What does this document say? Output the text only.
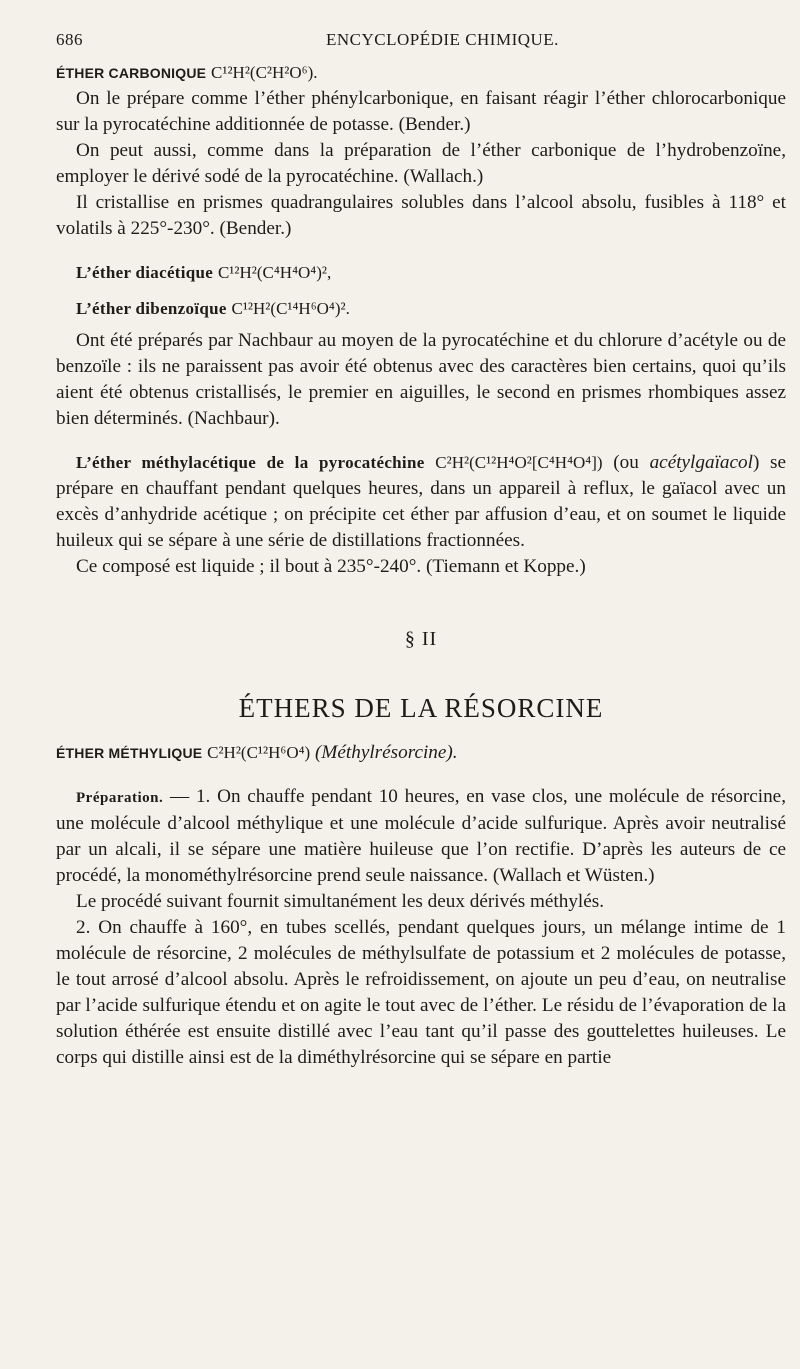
686	ENCYCLOPÉDIE CHIMIQUE.

ÉTHER CARBONIQUE C¹²H²(C²H²O⁶).

On le prépare comme l’éther phénylcarbonique, en faisant réagir l’éther chlorocarbonique sur la pyrocatéchine additionnée de potasse. (Bender.)

On peut aussi, comme dans la préparation de l’éther carbonique de l’hydrobenzoïne, employer le dérivé sodé de la pyrocatéchine. (Wallach.)

Il cristallise en prismes quadrangulaires solubles dans l’alcool absolu, fusibles à 118° et volatils à 225°-230°. (Bender.)

L’éther diacétique C¹²H²(C⁴H⁴O⁴)²,

L’éther dibenzoïque C¹²H²(C¹⁴H⁶O⁴)².

Ont été préparés par Nachbaur au moyen de la pyrocatéchine et du chlorure d’acétyle ou de benzoïle : ils ne paraissent pas avoir été obtenus avec des caractères bien certains, quoi qu’ils aient été obtenus cristallisés, le premier en aiguilles, le second en prismes rhombiques assez bien déterminés. (Nachbaur).

L’éther méthylacétique de la pyrocatéchine C²H²(C¹²H⁴O²[C⁴H⁴O⁴]) (ou acétylgaïacol) se prépare en chauffant pendant quelques heures, dans un appareil à reflux, le gaïacol avec un excès d’anhydride acétique ; on précipite cet éther par affusion d’eau, et on soumet le liquide huileux qui se sépare à une série de distillations fractionnées.

Ce composé est liquide ; il bout à 235°-240°. (Tiemann et Koppe.)

§ II
ÉTHERS DE LA RÉSORCINE

ÉTHER MÉTHYLIQUE C²H²(C¹²H⁶O⁴) (Méthylrésorcine).

Préparation. — 1. On chauffe pendant 10 heures, en vase clos, une molécule de résorcine, une molécule d’alcool méthylique et une molécule d’acide sulfurique. Après avoir neutralisé par un alcali, il se sépare une matière huileuse que l’on rectifie. D’après les auteurs de ce procédé, la monométhylrésorcine prend seule naissance. (Wallach et Wüsten.)

Le procédé suivant fournit simultanément les deux dérivés méthylés.

2. On chauffe à 160°, en tubes scellés, pendant quelques jours, un mélange intime de 1 molécule de résorcine, 2 molécules de méthylsulfate de potassium et 2 molécules de potasse, le tout arrosé d’alcool absolu. Après le refroidissement, on ajoute un peu d’eau, on neutralise par l’acide sulfurique étendu et on agite le tout avec de l’éther. Le résidu de l’évaporation de la solution éthérée est ensuite distillé avec l’eau tant qu’il passe des gouttelettes huileuses. Le corps qui distille ainsi est de la diméthylrésorcine qui se sépare en partie
